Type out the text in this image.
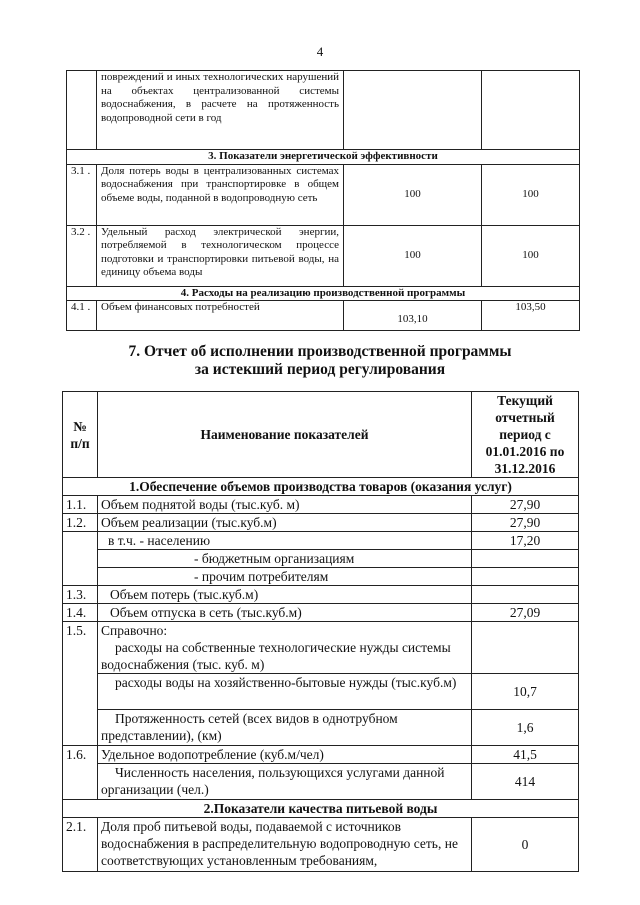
4
	повреждений и иных технологических нарушений на объектах централизованной системы водоснабжения, в расчете на протяженность водопроводной сети в год		
3. Показатели энергетической эффективности			
3.1 .	Доля потерь воды в централизованных системах водоснабжения при транспортировке в общем объеме воды, поданной в водопроводную сеть	100	100
3.2 .	Удельный расход электрической энергии, потребляемой в технологическом процессе подготовки и транспортировки питьевой воды, на единицу объема воды	100	100
4. Расходы на реализацию производственной программы			
4.1 .	Объем финансовых потребностей	103,10	103,50
7. Отчет об исполнении производственной программы
за истекший период регулирования
№ п/п	Наименование показателей	Текущий отчетный период с 01.01.2016 по 31.12.2016
1.Обеспечение объемов производства товаров (оказания услуг)		
1.1.	Объем поднятой воды (тыс.куб. м)	27,90
1.2.	Объем реализации (тыс.куб.м)	27,90
	в т.ч. - населению	17,20
	- бюджетным организациям	
	- прочим потребителям	
1.3.	Объем потерь (тыс.куб.м)	
1.4.	Объем отпуска в сеть (тыс.куб.м)	27,09
1.5.	Справочно:
расходы на собственные технологические нужды системы водоснабжения (тыс. куб. м)	

	расходы воды на хозяйственно-бытовые нужды (тыс.куб.м)	10,7
	Протяженность сетей (всех видов в однотрубном представлении), (км)	1,6
1.6.	Удельное водопотребление (куб.м/чел)	41,5
	Численность населения, пользующихся услугами данной организации (чел.)	414
2.Показатели качества питьевой воды		
2.1.	Доля проб питьевой воды, подаваемой с источников водоснабжения в распределительную водопроводную сеть, не соответствующих установленным требованиям,	0
